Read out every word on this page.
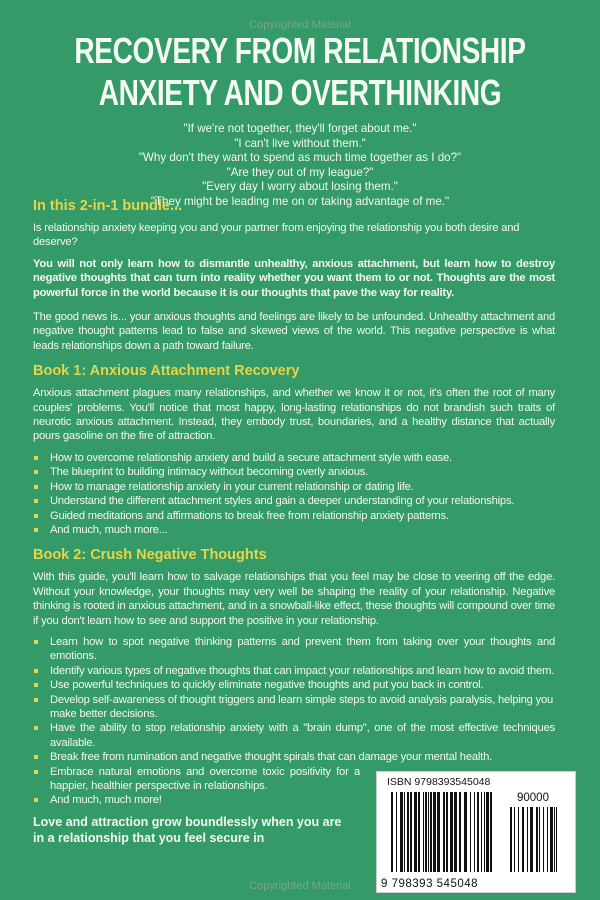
Copyrighted Material
RECOVERY FROM RELATIONSHIP
ANXIETY AND OVERTHINKING
"If we're not together, they'll forget about me."
"I can't live without them."
"Why don't they want to spend as much time together as I do?"
"Are they out of my league?"
"Every day I worry about losing them."
"They might be leading me on or taking advantage of me."
In this 2-in-1 bundle...

Is relationship anxiety keeping you and your partner from enjoying the relationship you both desire and deserve?

You will not only learn how to dismantle unhealthy, anxious attachment, but learn how to destroy negative thoughts that can turn into reality whether you want them to or not. Thoughts are the most powerful force in the world because it is our thoughts that pave the way for reality.

The good news is... your anxious thoughts and feelings are likely to be unfounded. Unhealthy attachment and negative thought patterns lead to false and skewed views of the world. This negative perspective is what leads relationships down a path toward failure.

Book 1: Anxious Attachment Recovery

Anxious attachment plagues many relationships, and whether we know it or not, it's often the root of many couples' problems. You'll notice that most happy, long-lasting relationships do not brandish such traits of neurotic anxious attachment. Instead, they embody trust, boundaries, and a healthy distance that actually pours gasoline on the fire of attraction.

How to overcome relationship anxiety and build a secure attachment style with ease.
The blueprint to building intimacy without becoming overly anxious.
How to manage relationship anxiety in your current relationship or dating life.
Understand the different attachment styles and gain a deeper understanding of your relationships.
Guided meditations and affirmations to break free from relationship anxiety patterns.
And much, much more...
Book 2: Crush Negative Thoughts

With this guide, you'll learn how to salvage relationships that you feel may be close to veering off the edge. Without your knowledge, your thoughts may very well be shaping the reality of your relationship. Negative thinking is rooted in anxious attachment, and in a snowball-like effect, these thoughts will compound over time if you don't learn how to see and support the positive in your relationship.

Learn how to spot negative thinking patterns and prevent them from taking over your thoughts and emotions.
Identify various types of negative thoughts that can impact your relationships and learn how to avoid them.
Use powerful techniques to quickly eliminate negative thoughts and put you back in control.
Develop self-awareness of thought triggers and learn simple steps to avoid analysis paralysis, helping you make better decisions.
Have the ability to stop relationship anxiety with a "brain dump", one of the most effective techniques available.
Break free from rumination and negative thought spirals that can damage your mental health.
ISBN 9798393545048
90000
9 798393 545048
Embrace natural emotions and overcome toxic positivity for a happier, healthier perspective in relationships.
And much, much more!
Love and attraction grow boundlessly when you are in a relationship that you feel secure in
Copyrighted Material
